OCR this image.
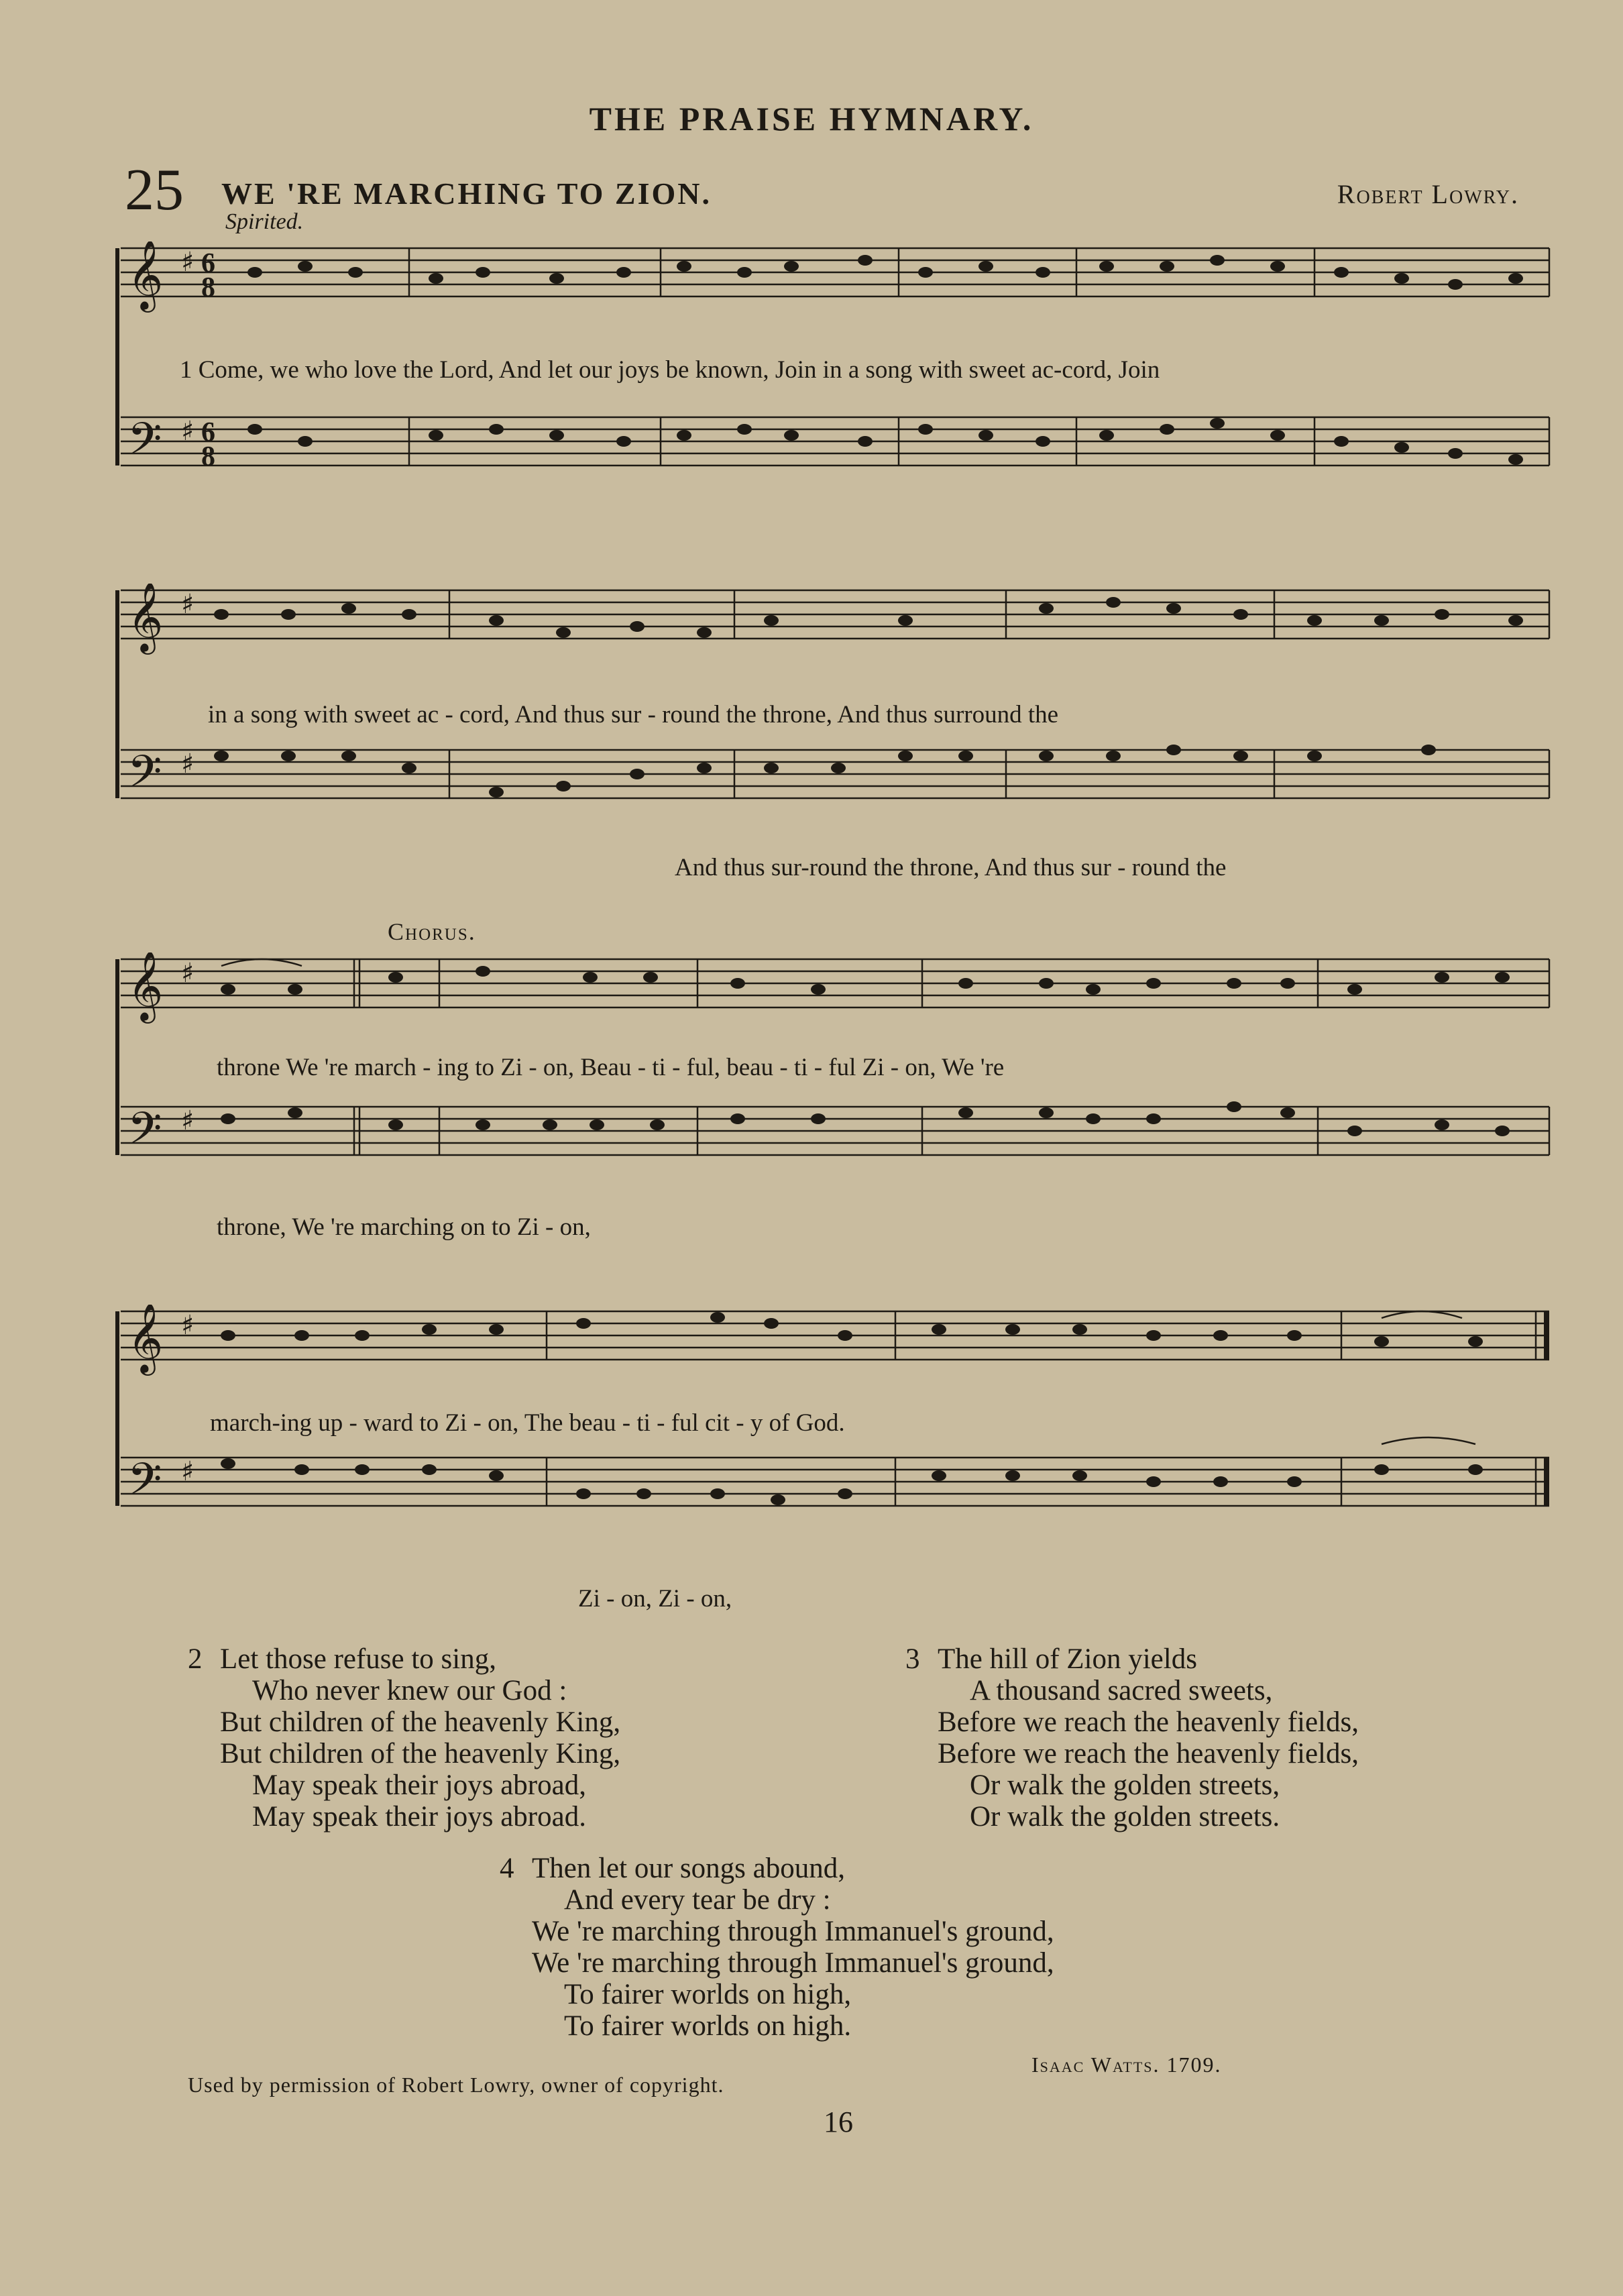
THE PRAISE HYMNARY.
25 WE 'RE MARCHING TO ZION.	Robert Lowry.
Spirited.
𝄞
𝄢
♯
♯
6
8
6
8
1 Come, we who love the Lord, And let our joys be known, Join in a song with sweet ac-cord, Join
𝄞
𝄢
♯
♯
in a song with sweet ac - cord, And thus sur - round the throne, And thus surround the
And thus sur-round the throne, And thus sur - round the
Chorus.
𝄞
𝄢
♯
♯
throne We 're march - ing to Zi - on, Beau - ti - ful, beau - ti - ful Zi - on, We 're
throne, We 're marching on to Zi - on,
𝄞
𝄢
♯
♯
march-ing up - ward to Zi - on, The beau - ti - ful cit - y of God.
Zi - on, Zi - on,
2 Let those refuse to sing,
Who never knew our God :
But children of the heavenly King,
But children of the heavenly King,
May speak their joys abroad,
May speak their joys abroad.
3 The hill of Zion yields
A thousand sacred sweets,
Before we reach the heavenly fields,
Before we reach the heavenly fields,
Or walk the golden streets,
Or walk the golden streets.
4 Then let our songs abound,
And every tear be dry :
We 're marching through Immanuel's ground,
We 're marching through Immanuel's ground,
To fairer worlds on high,
To fairer worlds on high.
Isaac Watts. 1709.
Used by permission of Robert Lowry, owner of copyright.
16
